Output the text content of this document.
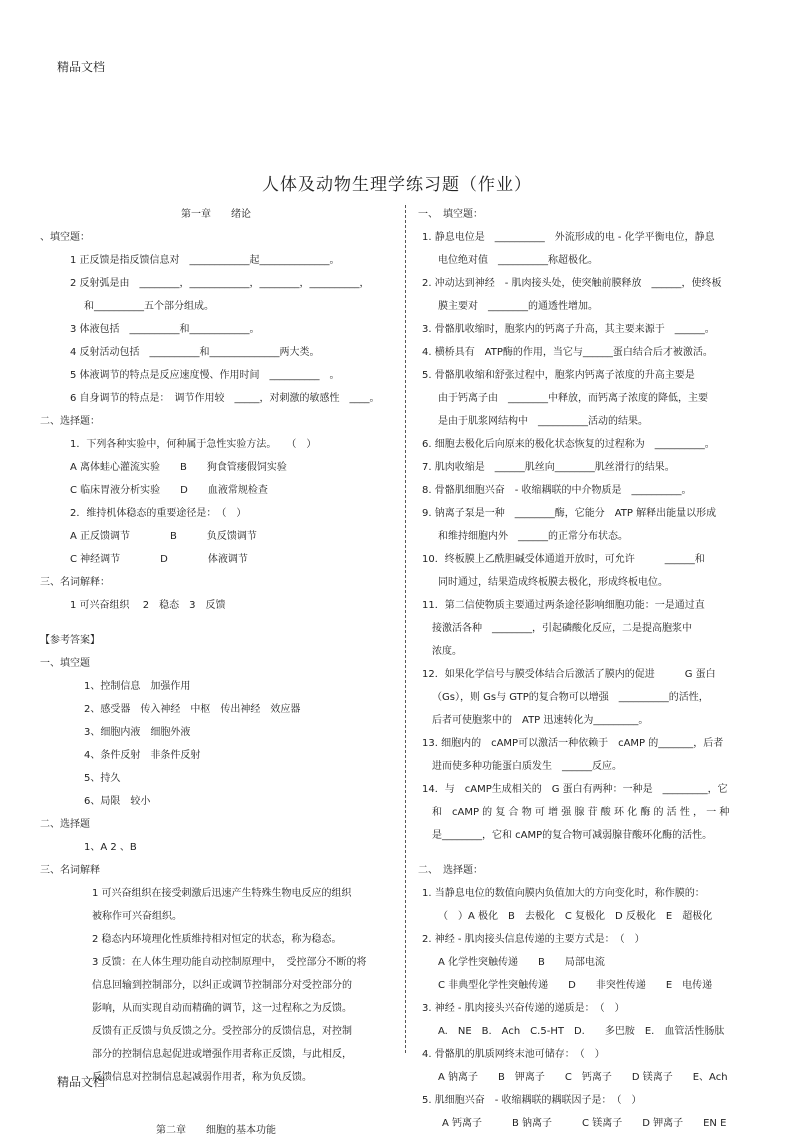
精品文档
人体及动物生理学练习题（作业）
第一章　　绪论
、填空题：
1 正反馈是指反馈信息对　____________起______________。
2 反射弧是由　________，____________，________，__________，
和__________五个部分组成。
3 体液包括　__________和____________。
4 反射活动包括　__________和______________两大类。
5 体液调节的特点是反应速度慢、作用时间　__________　。
6 自身调节的特点是：　调节作用较　_____，对刺激的敏感性　____。
二、选择题：
1．下列各种实验中，何种属于急性实验方法。　　（　）
A 离体蛙心灌流实验　　B　　狗食管瘘假饲实验
C 临床胃液分析实验　　D　　血液常规检查
2．维持机体稳态的重要途径是：　（　）
A 正反馈调节　　　　B　　　负反馈调节
C 神经调节　　　　D　　　　体液调节
三、名词解释：
1 可兴奋组织　 2　稳态　3　反馈
【参考答案】
一、填空题
1、控制信息　加强作用
2、感受器　传入神经　中枢　传出神经　效应器
3、细胞内液　细胞外液
4、条件反射　非条件反射
5、持久
6、局限　较小
二、选择题
1、A 2 、B
三、名词解释
1 可兴奋组织在接受刺激后迅速产生特殊生物电反应的组织
被称作可兴奋组织。
2 稳态内环境理化性质维持相对恒定的状态，称为稳态。
3 反馈：在人体生理功能自动控制原理中，　受控部分不断的将
信息回输到控制部分，以纠正或调节控制部分对受控部分的
影响，从而实现自动而精确的调节，这一过程称之为反馈。
反馈有正反馈与负反馈之分。受控部分的反馈信息，对控制
部分的控制信息起促进或增强作用者称正反馈，与此相反，
反馈信息对控制信息起减弱作用者，称为负反馈。
第二章　　细胞的基本功能
一、　填空题：
1. 静息电位是　__________　外流形成的电 - 化学平衡电位，静息
电位绝对值　__________称超极化。
2. 冲动达到神经　- 肌肉接头处，使突触前膜释放　______，使终板
膜主要对　________的通透性增加。
3. 骨骼肌收缩时，胞浆内的钙离子升高，其主要来源于　______。
4. 横桥具有　ATP酶的作用，当它与______蛋白结合后才被激活。
5. 骨骼肌收缩和舒张过程中，胞浆内钙离子浓度的升高主要是
由于钙离子由　________中释放，而钙离子浓度的降低，主要
是由于肌浆网结构中　__________活动的结果。
6. 细胞去极化后向原来的极化状态恢复的过程称为　__________。
7. 肌肉收缩是　______肌丝向________肌丝滑行的结果。
8. 骨骼肌细胞兴奋　- 收缩耦联的中介物质是　__________。
9. 钠离子泵是一种　________酶，它能分　ATP 解释出能量以形成
和维持细胞内外　______的正常分布状态。
10．终板膜上乙酰胆碱受体通道开放时，可允许　　　______和
同时通过，结果造成终板膜去极化，形成终板电位。
11．第二信使物质主要通过两条途径影响细胞功能：一是通过直
接激活各种　________，引起磷酸化反应，二是提高胞浆中
浓度。
12．如果化学信号与膜受体结合后激活了膜内的促进　　　G 蛋白
（Gs），则 Gs与 GTP的复合物可以增强　__________的活性，
后者可使胞浆中的　ATP 迅速转化为_________。
13. 细胞内的　cAMP可以激活一种依赖于　cAMP 的_______，后者
进而使多种功能蛋白质发生　______反应。
14．与　cAMP生成相关的　G 蛋白有两种：一种是　_________，它
和　cAMP 的 复 合 物 可 增 强 腺 苷 酸 环 化 酶 的 活 性 ， 一 种
是________，它和 cAMP的复合物可减弱腺苷酸环化酶的活性。
二、　选择题：
1. 当静息电位的数值向膜内负值加大的方向变化时，称作膜的：
（　）A 极化　B　去极化　C 复极化　D 反极化　E　超极化
2. 神经 - 肌肉接头信息传递的主要方式是：　（　）
A 化学性突触传递　　B　　局部电流
C 非典型化学性突触传递　　D　　非突性传递　　E　电传递
3. 神经 - 肌肉接头兴奋传递的递质是：　（　）
A.　NE　B.　Ach　C.5-HT　D.　　多巴胺　E.　血管活性肠肽
4. 骨骼肌的肌质网终末池可储存：　（　）
A 钠离子　　B　钾离子　　C　钙离子　　D 镁离子　　E、Ach
5. 肌细胞兴奋　- 收缩耦联的耦联因子是：　（　）
　A 钙离子　　　B 钠离子　　　C 镁离子　　D 钾离子　　EN E
精品文档
